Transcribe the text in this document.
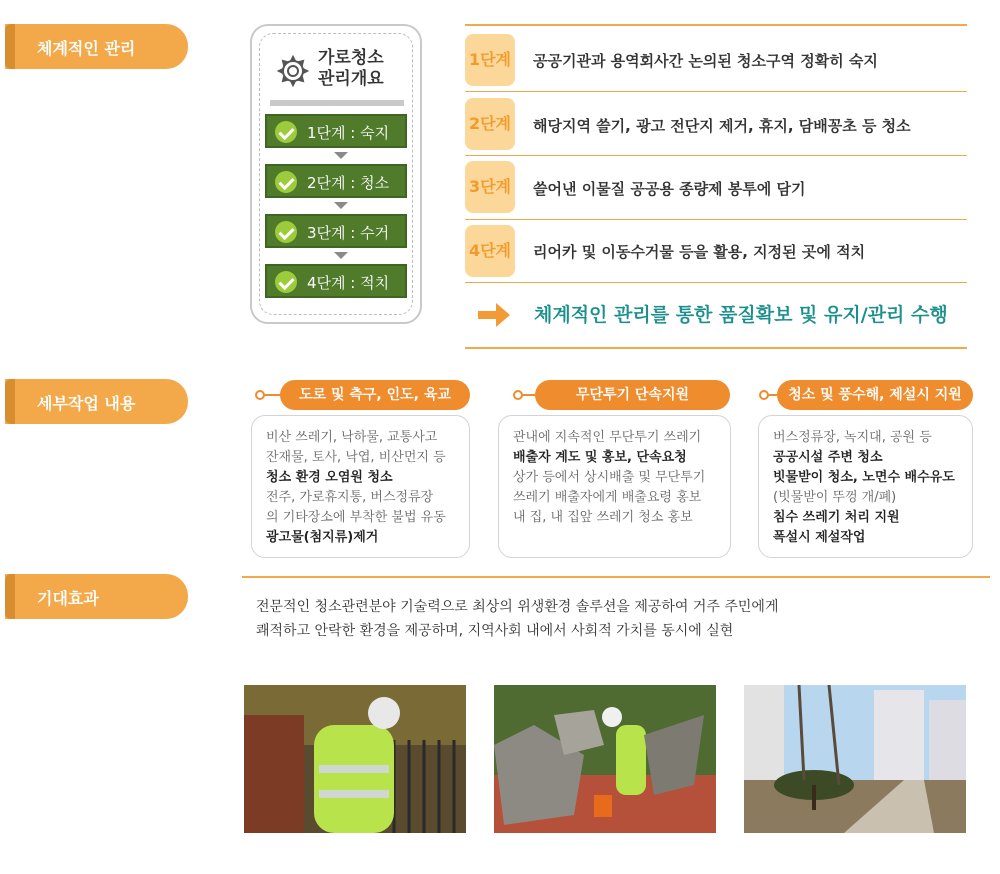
체계적인 관리
세부작업 내용
기대효과
가로청소
관리개요
1단계 : 숙지
2단계 : 청소
3단계 : 수거
4단계 : 적치
1단계 공공기관과 용역회사간 논의된 청소구역 정확히 숙지
2단계 해당지역 쓸기, 광고 전단지 제거, 휴지, 담배꽁초 등 청소
3단계 쓸어낸 이물질 공공용 종량제 봉투에 담기
4단계 리어카 및 이동수거물 등을 활용, 지정된 곳에 적치
체계적인 관리를 통한 품질확보 및 유지/관리 수행
도로 및 측구, 인도, 육교
비산 쓰레기, 낙하물, 교통사고
잔재물, 토사, 낙엽, 비산먼지 등
청소 환경 오염원 청소
전주, 가로휴지통, 버스정류장
의 기타장소에 부착한 불법 유동
광고물(첨지류)제거
무단투기 단속지원
관내에 지속적인 무단투기 쓰레기
배출자 계도 및 홍보, 단속요청
상가 등에서 상시배출 및 무단투기
쓰레기 배출자에게 배출요령 홍보
내 집, 내 집앞 쓰레기 청소 홍보
청소 및 풍수해, 제설시 지원
버스정류장, 녹지대, 공원 등
공공시설 주변 청소
빗물받이 청소, 노면수 배수유도
(빗물받이 뚜껑 개/폐)
침수 쓰레기 처리 지원
폭설시 제설작업
전문적인 청소관련분야 기술력으로 최상의 위생환경 솔루션을 제공하여 거주 주민에게
쾌적하고 안락한 환경을 제공하며, 지역사회 내에서 사회적 가치를 동시에 실현
